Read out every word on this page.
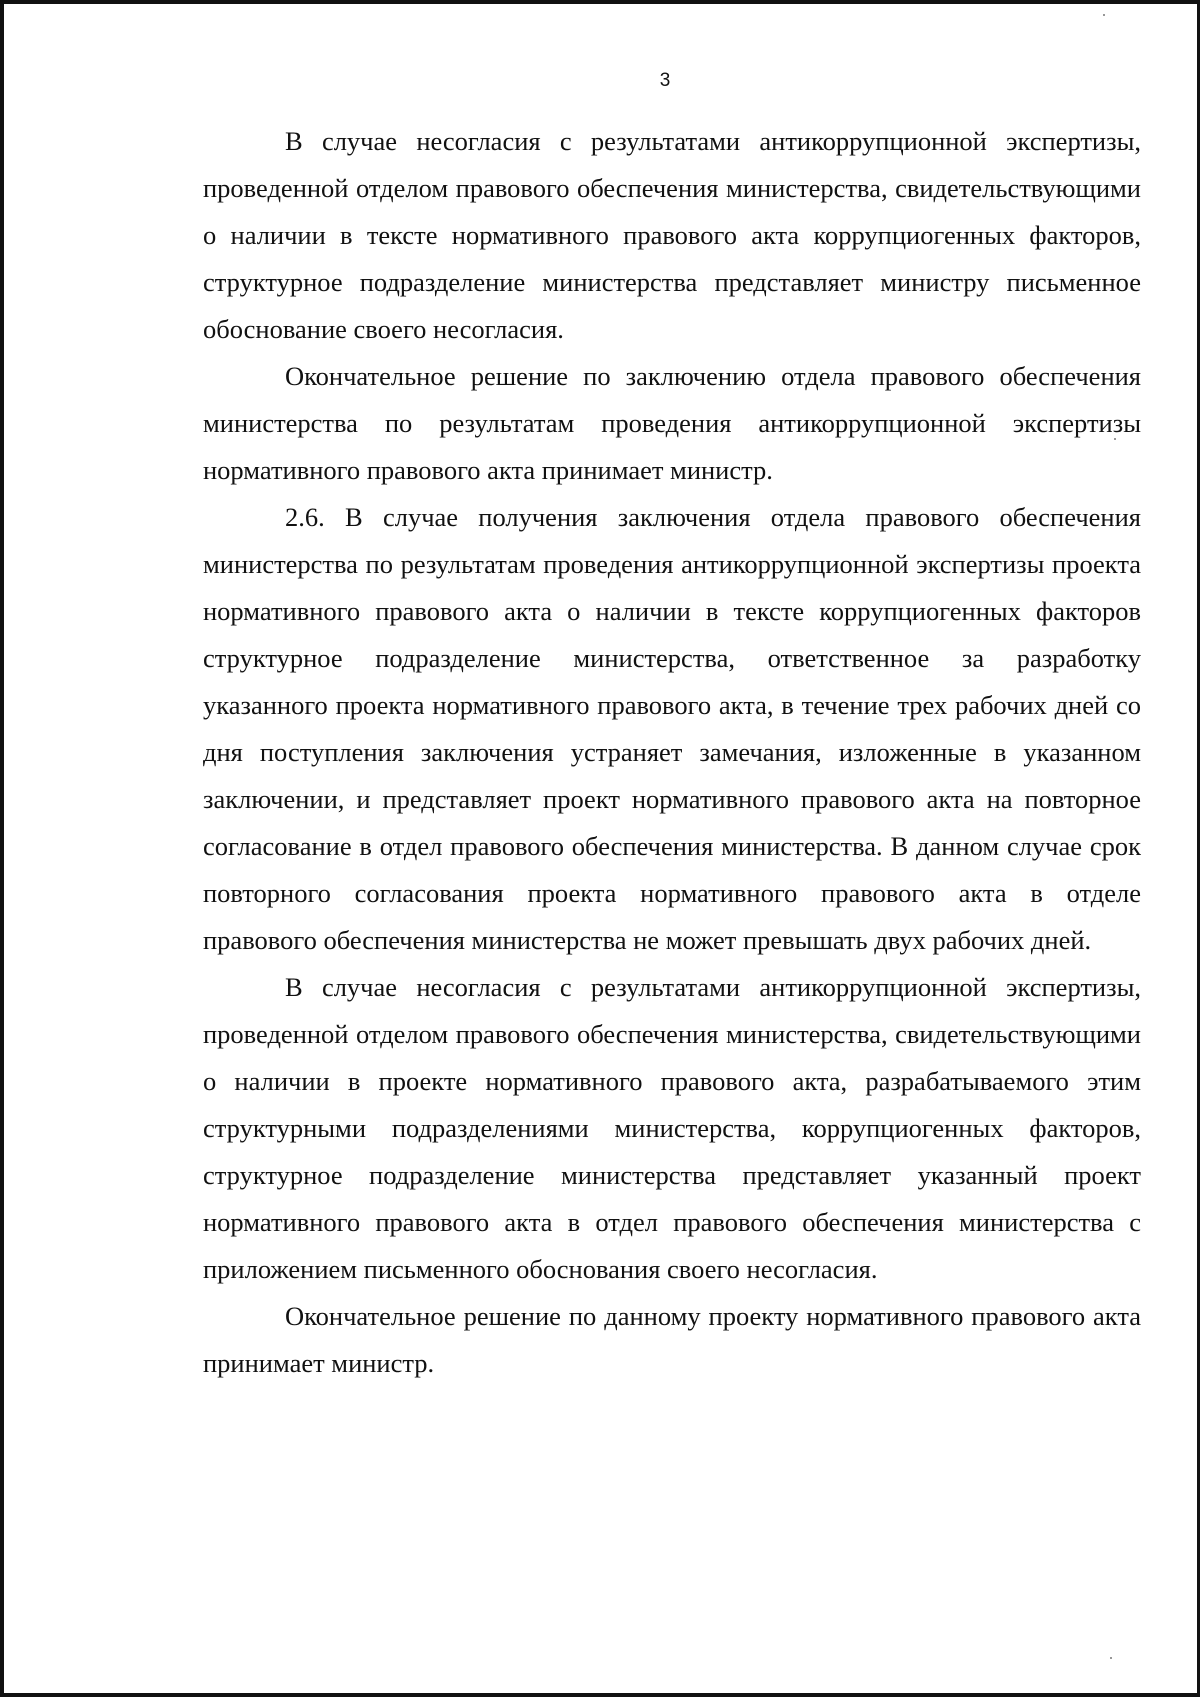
3

В случае несогласия с результатами антикоррупционной экспертизы, проведенной отделом правового обеспечения министерства, свидетельствующими о наличии в тексте нормативного правового акта коррупциогенных факторов, структурное подразделение министерства представляет министру письменное обоснование своего несогласия.

Окончательное решение по заключению отдела правового обеспечения министерства по результатам проведения антикоррупционной экспертизы нормативного правового акта принимает министр.

2.6. В случае получения заключения отдела правового обеспечения министерства по результатам проведения антикоррупционной экспертизы проекта нормативного правового акта о наличии в тексте коррупциогенных факторов структурное подразделение министерства, ответственное за разработку указанного проекта нормативного правового акта, в течение трех рабочих дней со дня поступления заключения устраняет замечания, изложенные в указанном заключении, и представляет проект нормативного правового акта на повторное согласование в отдел правового обеспечения министерства. В данном случае срок повторного согласования проекта нормативного правового акта в отделе правового обеспечения министерства не может превышать двух рабочих дней.

В случае несогласия с результатами антикоррупционной экспертизы, проведенной отделом правового обеспечения министерства, свидетельствующими о наличии в проекте нормативного правового акта, разрабатываемого этим структурными подразделениями министерства, коррупциогенных факторов, структурное подразделение министерства представляет указанный проект нормативного правового акта в отдел правового обеспечения министерства с приложением письменного обоснования своего несогласия.

Окончательное решение по данному проекту нормативного правового акта принимает министр.
